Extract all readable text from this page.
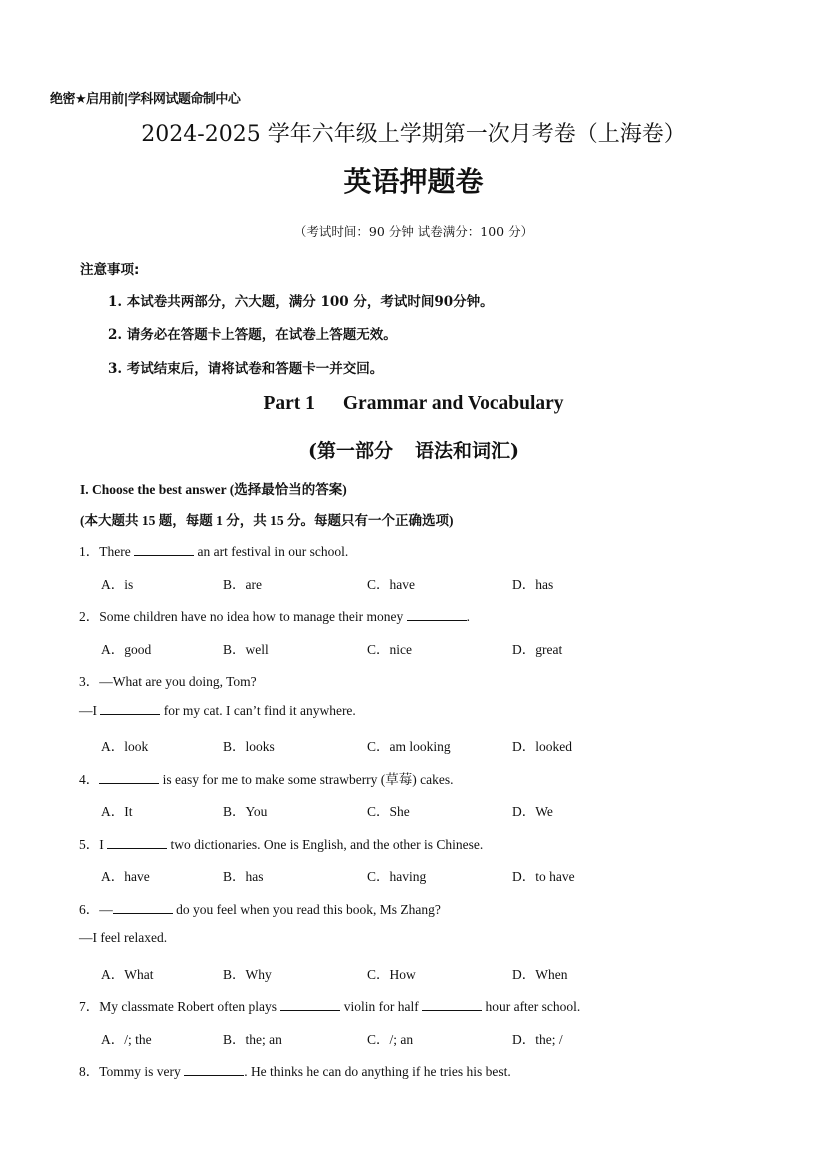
绝密★启用前|学科网试题命制中心
2024-2025 学年六年级上学期第一次月考卷（上海卷）
英语押题卷
（考试时间：90 分钟 试卷满分：100 分）
注意事项:
1. 本试卷共两部分，六大题，满分 100 分，考试时间90分钟。
2. 请务必在答题卡上答题，在试卷上答题无效。
3. 考试结束后，请将试卷和答题卡一并交回。
Part 1 Grammar and Vocabulary
(第一部分 语法和词汇)
I. Choose the best answer (选择最恰当的答案)
(本大题共 15 题，每题 1 分，共 15 分。每题只有一个正确选项)
1．There	an art festival in our school.
A．is	B．are	C．have	D．has
2．Some children have no idea how to manage their money	.
A．good	B．well	C．nice	D．great
3．—What are you doing, Tom?
—I	for my cat. I can’t find it anywhere.
A．look	B．looks	C．am looking	D．looked
4．	is easy for me to make some strawberry (草莓) cakes.
A．It	B．You	C．She	D．We
5．I	two dictionaries. One is English, and the other is Chinese.
A．have	B．has	C．having	D．to have
6．—	do you feel when you read this book, Ms Zhang?
—I feel relaxed.
A．What	B．Why	C．How	D．When
7．My classmate Robert often plays	violin for half	hour after school.
A．/; the	B．the; an	C．/; an	D．the; /
8．Tommy is very	. He thinks he can do anything if he tries his best.
